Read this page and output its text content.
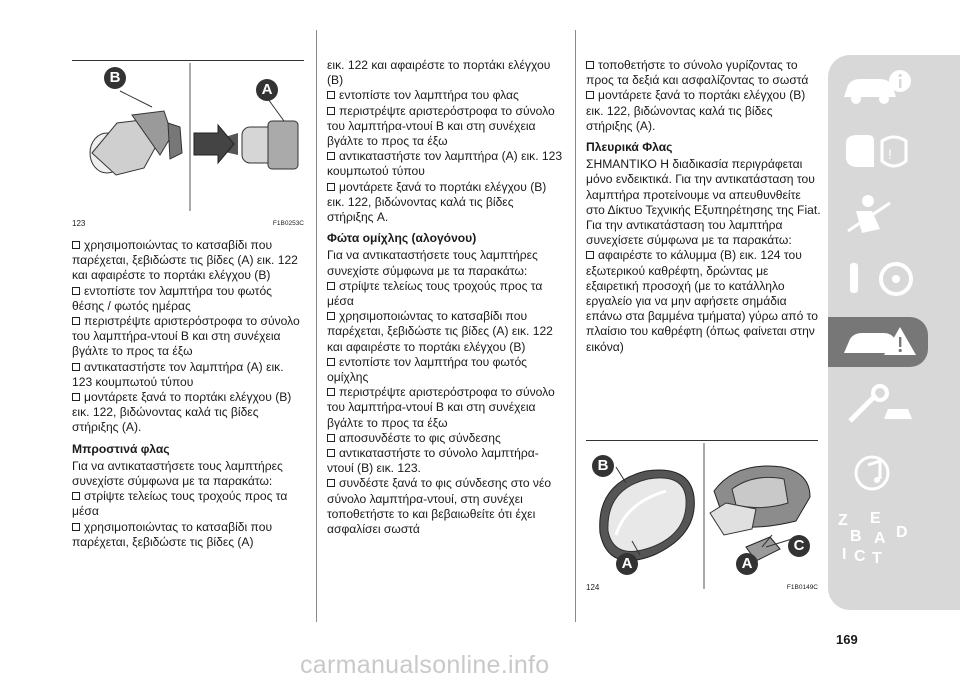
B
A
123	F1B0253C

χρησιμοποιώντας το κατσαβίδι που παρέχεται, ξεβιδώστε τις βίδες (A) εικ. 122 και αφαιρέστε το πορτάκι ελέγχου (B)

εντοπίστε τον λαμπτήρα του φωτός θέσης / φωτός ημέρας

περιστρέψτε αριστερόστροφα το σύνολο του λαμπτήρα-ντουί B και στη συνέχεια βγάλτε το προς τα έξω

αντικαταστήστε τον λαμπτήρα (A) εικ. 123 κουμπωτού τύπου

μοντάρετε ξανά το πορτάκι ελέγχου (B) εικ. 122, βιδώνοντας καλά τις βίδες στήριξης (A).

Μπροστινά φλας

Για να αντικαταστήσετε τους λαμπτήρες συνεχίστε σύμφωνα με τα παρακάτω:

στρίψτε τελείως τους τροχούς προς τα μέσα

χρησιμοποιώντας το κατσαβίδι που παρέχεται, ξεβιδώστε τις βίδες (A)

εικ. 122 και αφαιρέστε το πορτάκι ελέγχου (B)

εντοπίστε τον λαμπτήρα του φλας

περιστρέψτε αριστερόστροφα το σύνολο του λαμπτήρα-ντουί B και στη συνέχεια βγάλτε το προς τα έξω

αντικαταστήστε τον λαμπτήρα (A) εικ. 123 κουμπωτού τύπου

μοντάρετε ξανά το πορτάκι ελέγχου (B) εικ. 122, βιδώνοντας καλά τις βίδες στήριξης A.

Φώτα ομίχλης (αλογόνου)

Για να αντικαταστήσετε τους λαμπτήρες συνεχίστε σύμφωνα με τα παρακάτω:

στρίψτε τελείως τους τροχούς προς τα μέσα

χρησιμοποιώντας το κατσαβίδι που παρέχεται, ξεβιδώστε τις βίδες (A) εικ. 122 και αφαιρέστε το πορτάκι ελέγχου (B)

εντοπίστε τον λαμπτήρα του φωτός ομίχλης

περιστρέψτε αριστερόστροφα το σύνολο του λαμπτήρα-ντουί B και στη συνέχεια βγάλτε το προς τα έξω

αποσυνδέστε το φις σύνδεσης

αντικαταστήστε το σύνολο λαμπτήρα-ντουί (B) εικ. 123.

συνδέστε ξανά το φις σύνδεσης στο νέο σύνολο λαμπτήρα-ντουί, στη συνέχει τοποθετήστε το και βεβαιωθείτε ότι έχει ασφαλίσει σωστά

τοποθετήστε το σύνολο γυρίζοντας το προς τα δεξιά και ασφαλίζοντας το σωστά

μοντάρετε ξανά το πορτάκι ελέγχου (B) εικ. 122, βιδώνοντας καλά τις βίδες στήριξης (A).

Πλευρικά Φλας

ΣΗΜΑΝΤΙΚΟ Η διαδικασία περιγράφεται μόνο ενδεικτικά. Για την αντικατάσταση του λαμπτήρα προτείνουμε να απευθυνθείτε στο Δίκτυο Τεχνικής Εξυπηρέτησης της Fiat.

Για την αντικατάσταση του λαμπτήρα συνεχίσετε σύμφωνα με τα παρακάτω:

αφαιρέστε το κάλυμμα (B) εικ. 124 του εξωτερικού καθρέφτη, δρώντας με εξαιρετική προσοχή (με το κατάλληλο εργαλείο για να μην αφήσετε σημάδια επάνω στα βαμμένα τμήματα) γύρω από το πλαίσιο του καθρέφτη (όπως φαίνεται στην εικόνα)

B
A	A
C
124	F1B0149C
!
Z E
B A D
I C T
169
carmanualsonline.info
